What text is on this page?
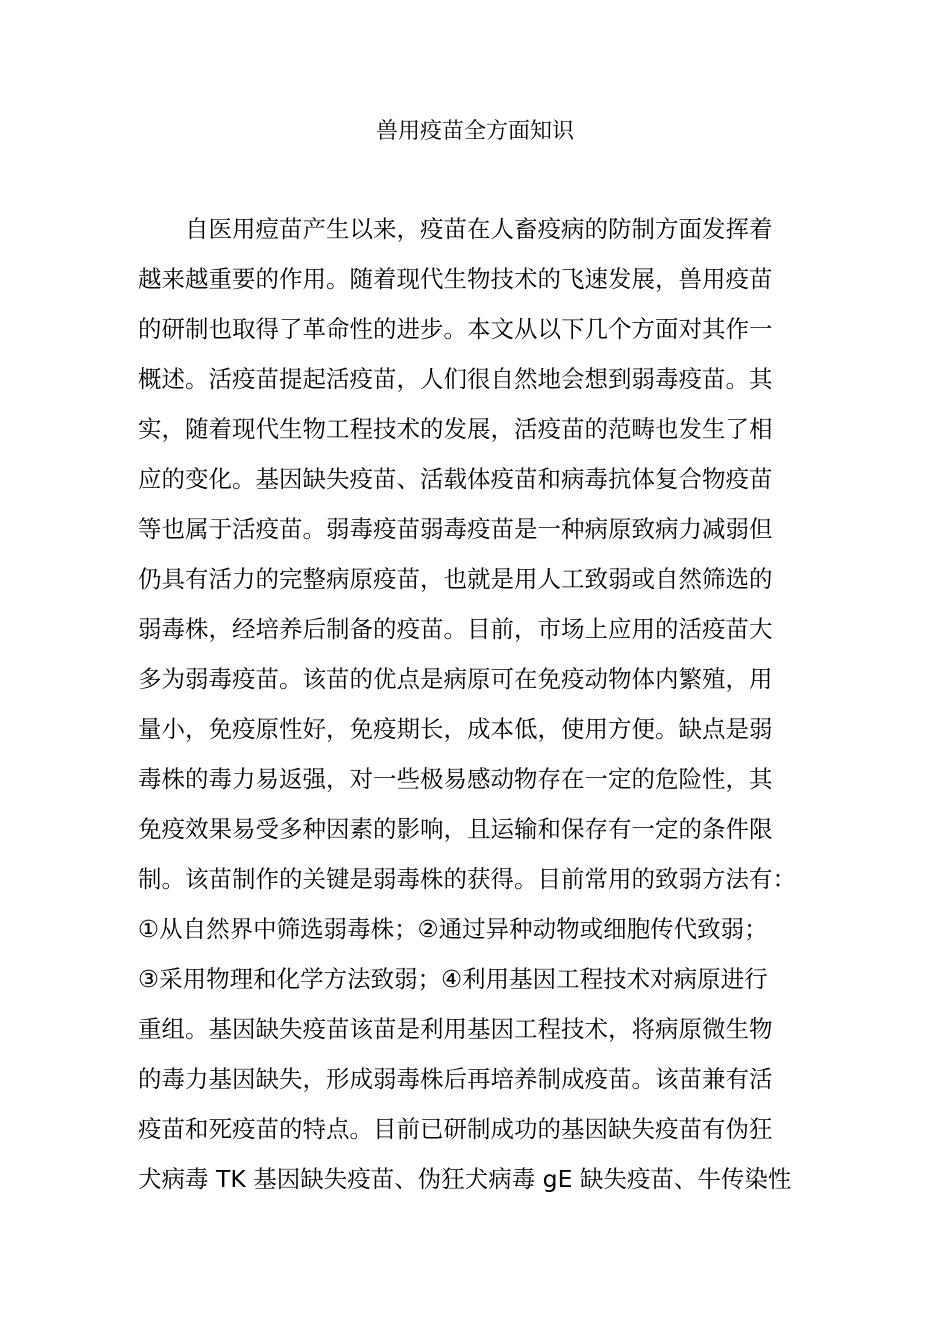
兽用疫苗全方面知识
自医用痘苗产生以来，疫苗在人畜疫病的防制方面发挥着
越来越重要的作用。随着现代生物技术的飞速发展，兽用疫苗
的研制也取得了革命性的进步。本文从以下几个方面对其作一
概述。活疫苗提起活疫苗，人们很自然地会想到弱毒疫苗。其
实，随着现代生物工程技术的发展，活疫苗的范畴也发生了相
应的变化。基因缺失疫苗、活载体疫苗和病毒抗体复合物疫苗
等也属于活疫苗。弱毒疫苗弱毒疫苗是一种病原致病力减弱但
仍具有活力的完整病原疫苗，也就是用人工致弱或自然筛选的
弱毒株，经培养后制备的疫苗。目前，市场上应用的活疫苗大
多为弱毒疫苗。该苗的优点是病原可在免疫动物体内繁殖，用
量小，免疫原性好，免疫期长，成本低，使用方便。缺点是弱
毒株的毒力易返强，对一些极易感动物存在一定的危险性，其
免疫效果易受多种因素的影响，且运输和保存有一定的条件限
制。该苗制作的关键是弱毒株的获得。目前常用的致弱方法有：
①从自然界中筛选弱毒株；②通过异种动物或细胞传代致弱；
③采用物理和化学方法致弱；④利用基因工程技术对病原进行
重组。基因缺失疫苗该苗是利用基因工程技术，将病原微生物
的毒力基因缺失，形成弱毒株后再培养制成疫苗。该苗兼有活
疫苗和死疫苗的特点。目前已研制成功的基因缺失疫苗有伪狂
犬病毒 TK 基因缺失疫苗、伪狂犬病毒 gE 缺失疫苗、牛传染性
